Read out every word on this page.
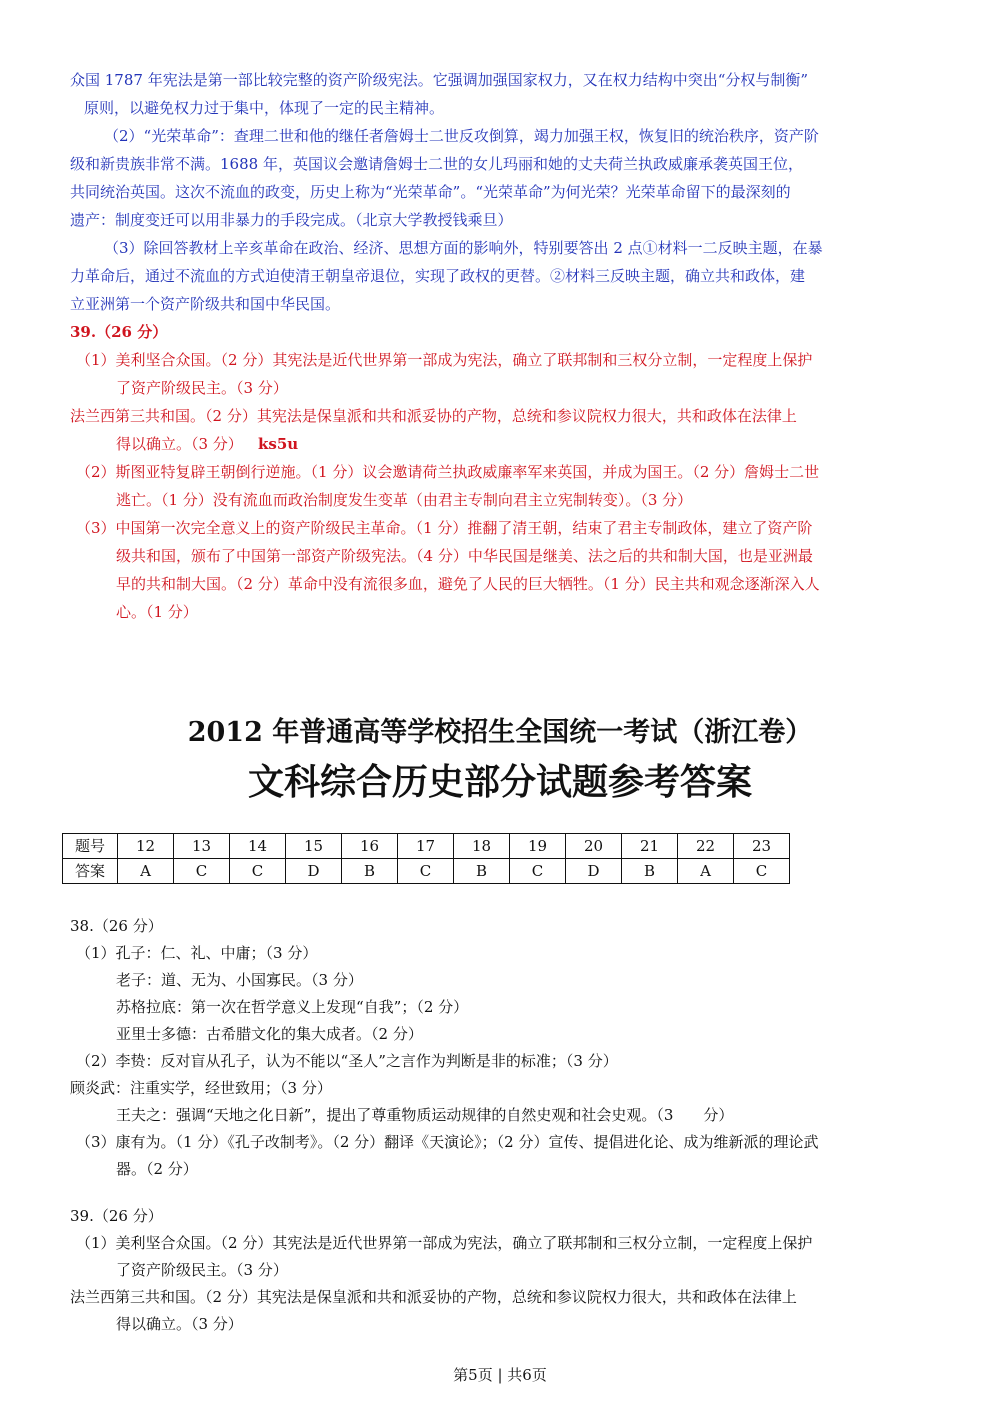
众国 1787 年宪法是第一部比较完整的资产阶级宪法。它强调加强国家权力，又在权力结构中突出“分权与制衡”
原则，以避免权力过于集中，体现了一定的民主精神。
（2）“光荣革命”：查理二世和他的继任者詹姆士二世反攻倒算，竭力加强王权，恢复旧的统治秩序，资产阶
级和新贵族非常不满。1688 年，英国议会邀请詹姆士二世的女儿玛丽和她的丈夫荷兰执政威廉承袭英国王位，
共同统治英国。这次不流血的政变，历史上称为“光荣革命”。“光荣革命”为何光荣？光荣革命留下的最深刻的
遗产：制度变迁可以用非暴力的手段完成。（北京大学教授钱乘旦）
（3）除回答教材上辛亥革命在政治、经济、思想方面的影响外，特别要答出 2 点①材料一二反映主题，在暴
力革命后，通过不流血的方式迫使清王朝皇帝退位，实现了政权的更替。②材料三反映主题，确立共和政体，建
立亚洲第一个资产阶级共和国中华民国。
39.（26 分）
（1）美利坚合众国。（2 分）其宪法是近代世界第一部成为宪法，确立了联邦制和三权分立制，一定程度上保护
了资产阶级民主。（3 分）
法兰西第三共和国。（2 分）其宪法是保皇派和共和派妥协的产物，总统和参议院权力很大，共和政体在法律上
得以确立。（3 分）	ks5u
（2）斯图亚特复辟王朝倒行逆施。（1 分）议会邀请荷兰执政威廉率军来英国，并成为国王。（2 分）詹姆士二世
逃亡。（1 分）没有流血而政治制度发生变革（由君主专制向君主立宪制转变）。（3 分）
（3）中国第一次完全意义上的资产阶级民主革命。（1 分）推翻了清王朝，结束了君主专制政体，建立了资产阶
级共和国，颁布了中国第一部资产阶级宪法。（4 分）中华民国是继美、法之后的共和制大国，也是亚洲最
早的共和制大国。（2 分）革命中没有流很多血，避免了人民的巨大牺牲。（1 分）民主共和观念逐渐深入人
心。（1 分）
2012 年普通高等学校招生全国统一考试（浙江卷）
文科综合历史部分试题参考答案
题号	12	13	14	15	16	17	18	19	20	21	22	23
答案	A	C	C	D	B	C	B	C	D	B	A	C
38.（26 分）
（1）孔子：仁、礼、中庸；（3 分）
老子：道、无为、小国寡民。（3 分）
苏格拉底：第一次在哲学意义上发现“自我”；（2 分）
亚里士多德：古希腊文化的集大成者。（2 分）
（2）李贽：反对盲从孔子，认为不能以“圣人”之言作为判断是非的标准；（3 分）
顾炎武：注重实学，经世致用；（3 分）
王夫之：强调“天地之化日新”，提出了尊重物质运动规律的自然史观和社会史观。（3　　分）
（3）康有为。（1 分）《孔子改制考》。（2 分）翻译《天演论》；（2 分）宣传、提倡进化论、成为维新派的理论武
器。（2 分）
39.（26 分）
（1）美利坚合众国。（2 分）其宪法是近代世界第一部成为宪法，确立了联邦制和三权分立制，一定程度上保护
了资产阶级民主。（3 分）
法兰西第三共和国。（2 分）其宪法是保皇派和共和派妥协的产物，总统和参议院权力很大，共和政体在法律上
得以确立。（3 分）
第5页 | 共6页
